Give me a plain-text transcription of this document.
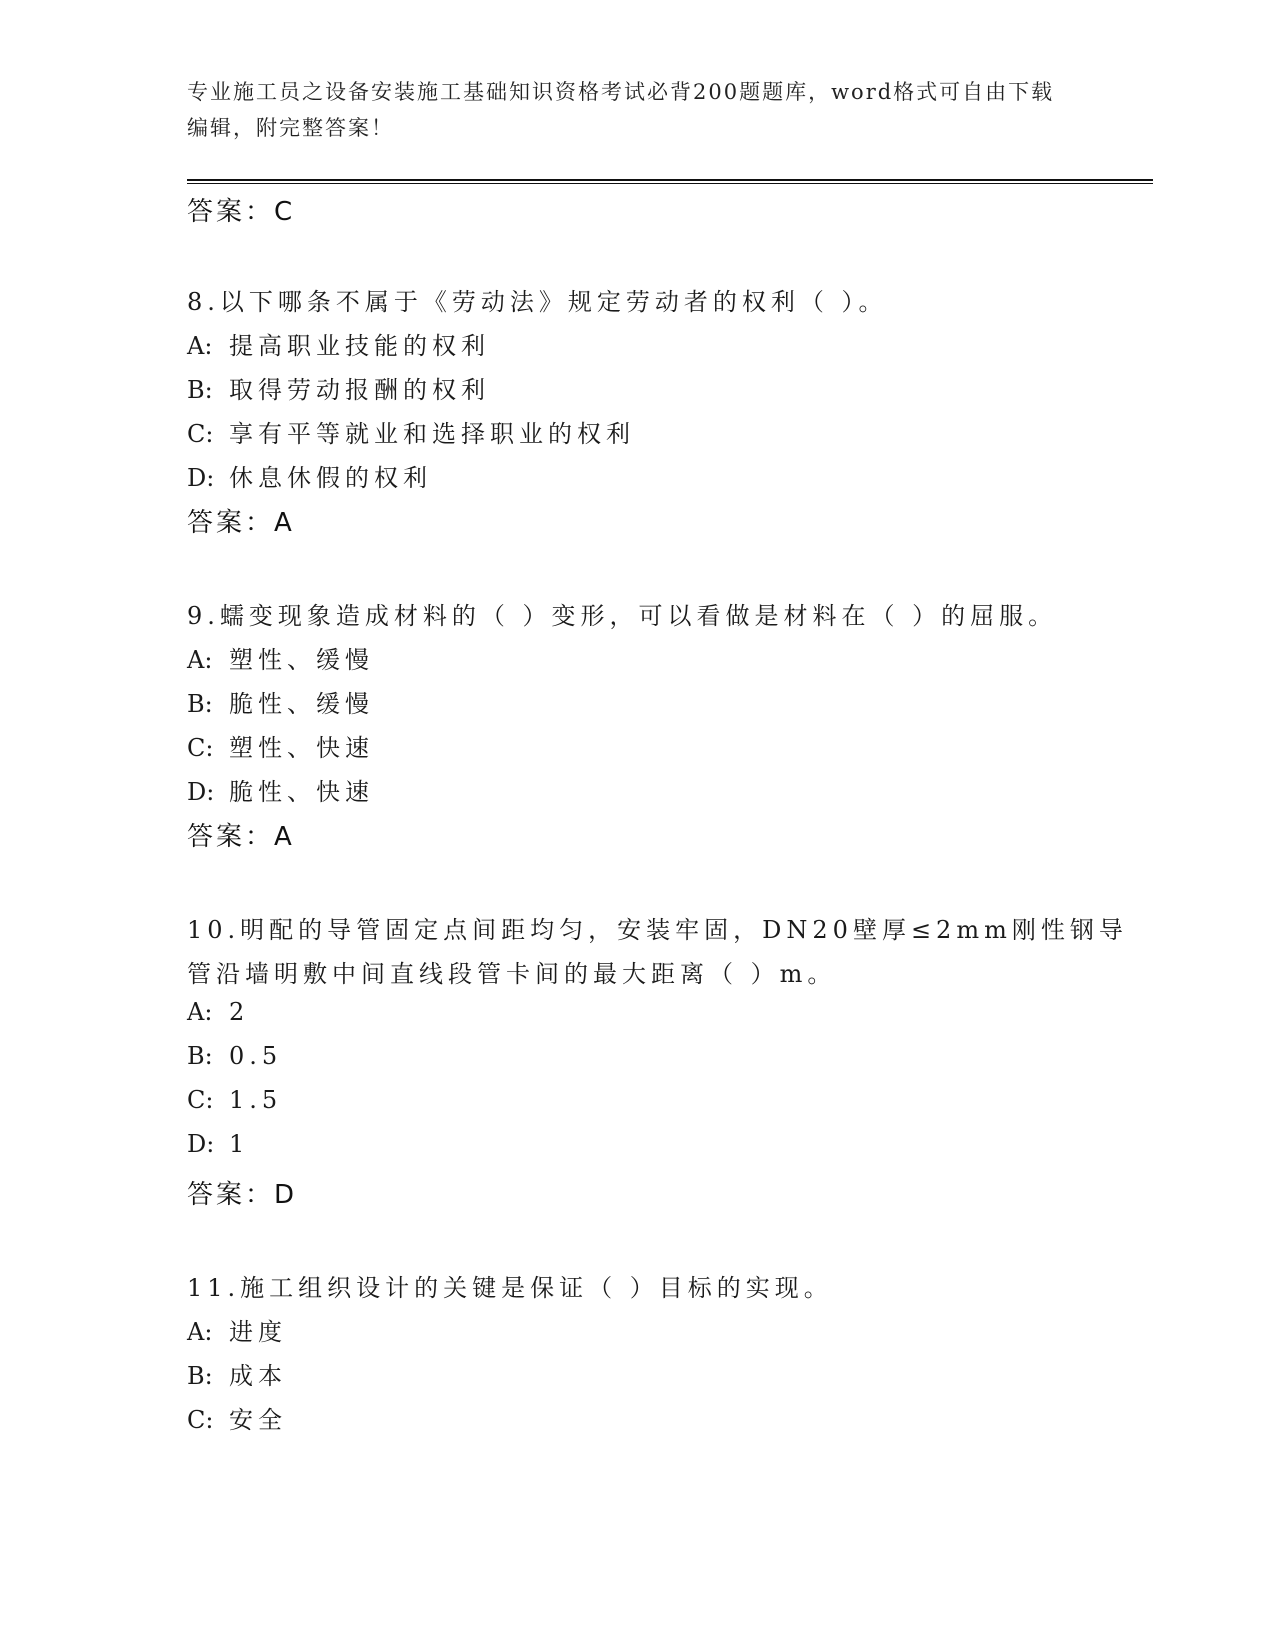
专业施工员之设备安装施工基础知识资格考试必背200题题库，word格式可自由下载编辑，附完整答案！
答案：C
8.以下哪条不属于《劳动法》规定劳动者的权利（ ）。
A: 提高职业技能的权利
B: 取得劳动报酬的权利
C: 享有平等就业和选择职业的权利
D: 休息休假的权利
答案：A
9.蠕变现象造成材料的（ ）变形，可以看做是材料在（ ）的屈服。
A: 塑性、缓慢
B: 脆性、缓慢
C: 塑性、快速
D: 脆性、快速
答案：A
10.明配的导管固定点间距均匀，安装牢固，DN20壁厚≤2mm刚性钢导
管沿墙明敷中间直线段管卡间的最大距离（ ）m。
A: 2
B: 0.5
C: 1.5
D: 1
答案：D
11.施工组织设计的关键是保证（ ）目标的实现。
A: 进度
B: 成本
C: 安全
